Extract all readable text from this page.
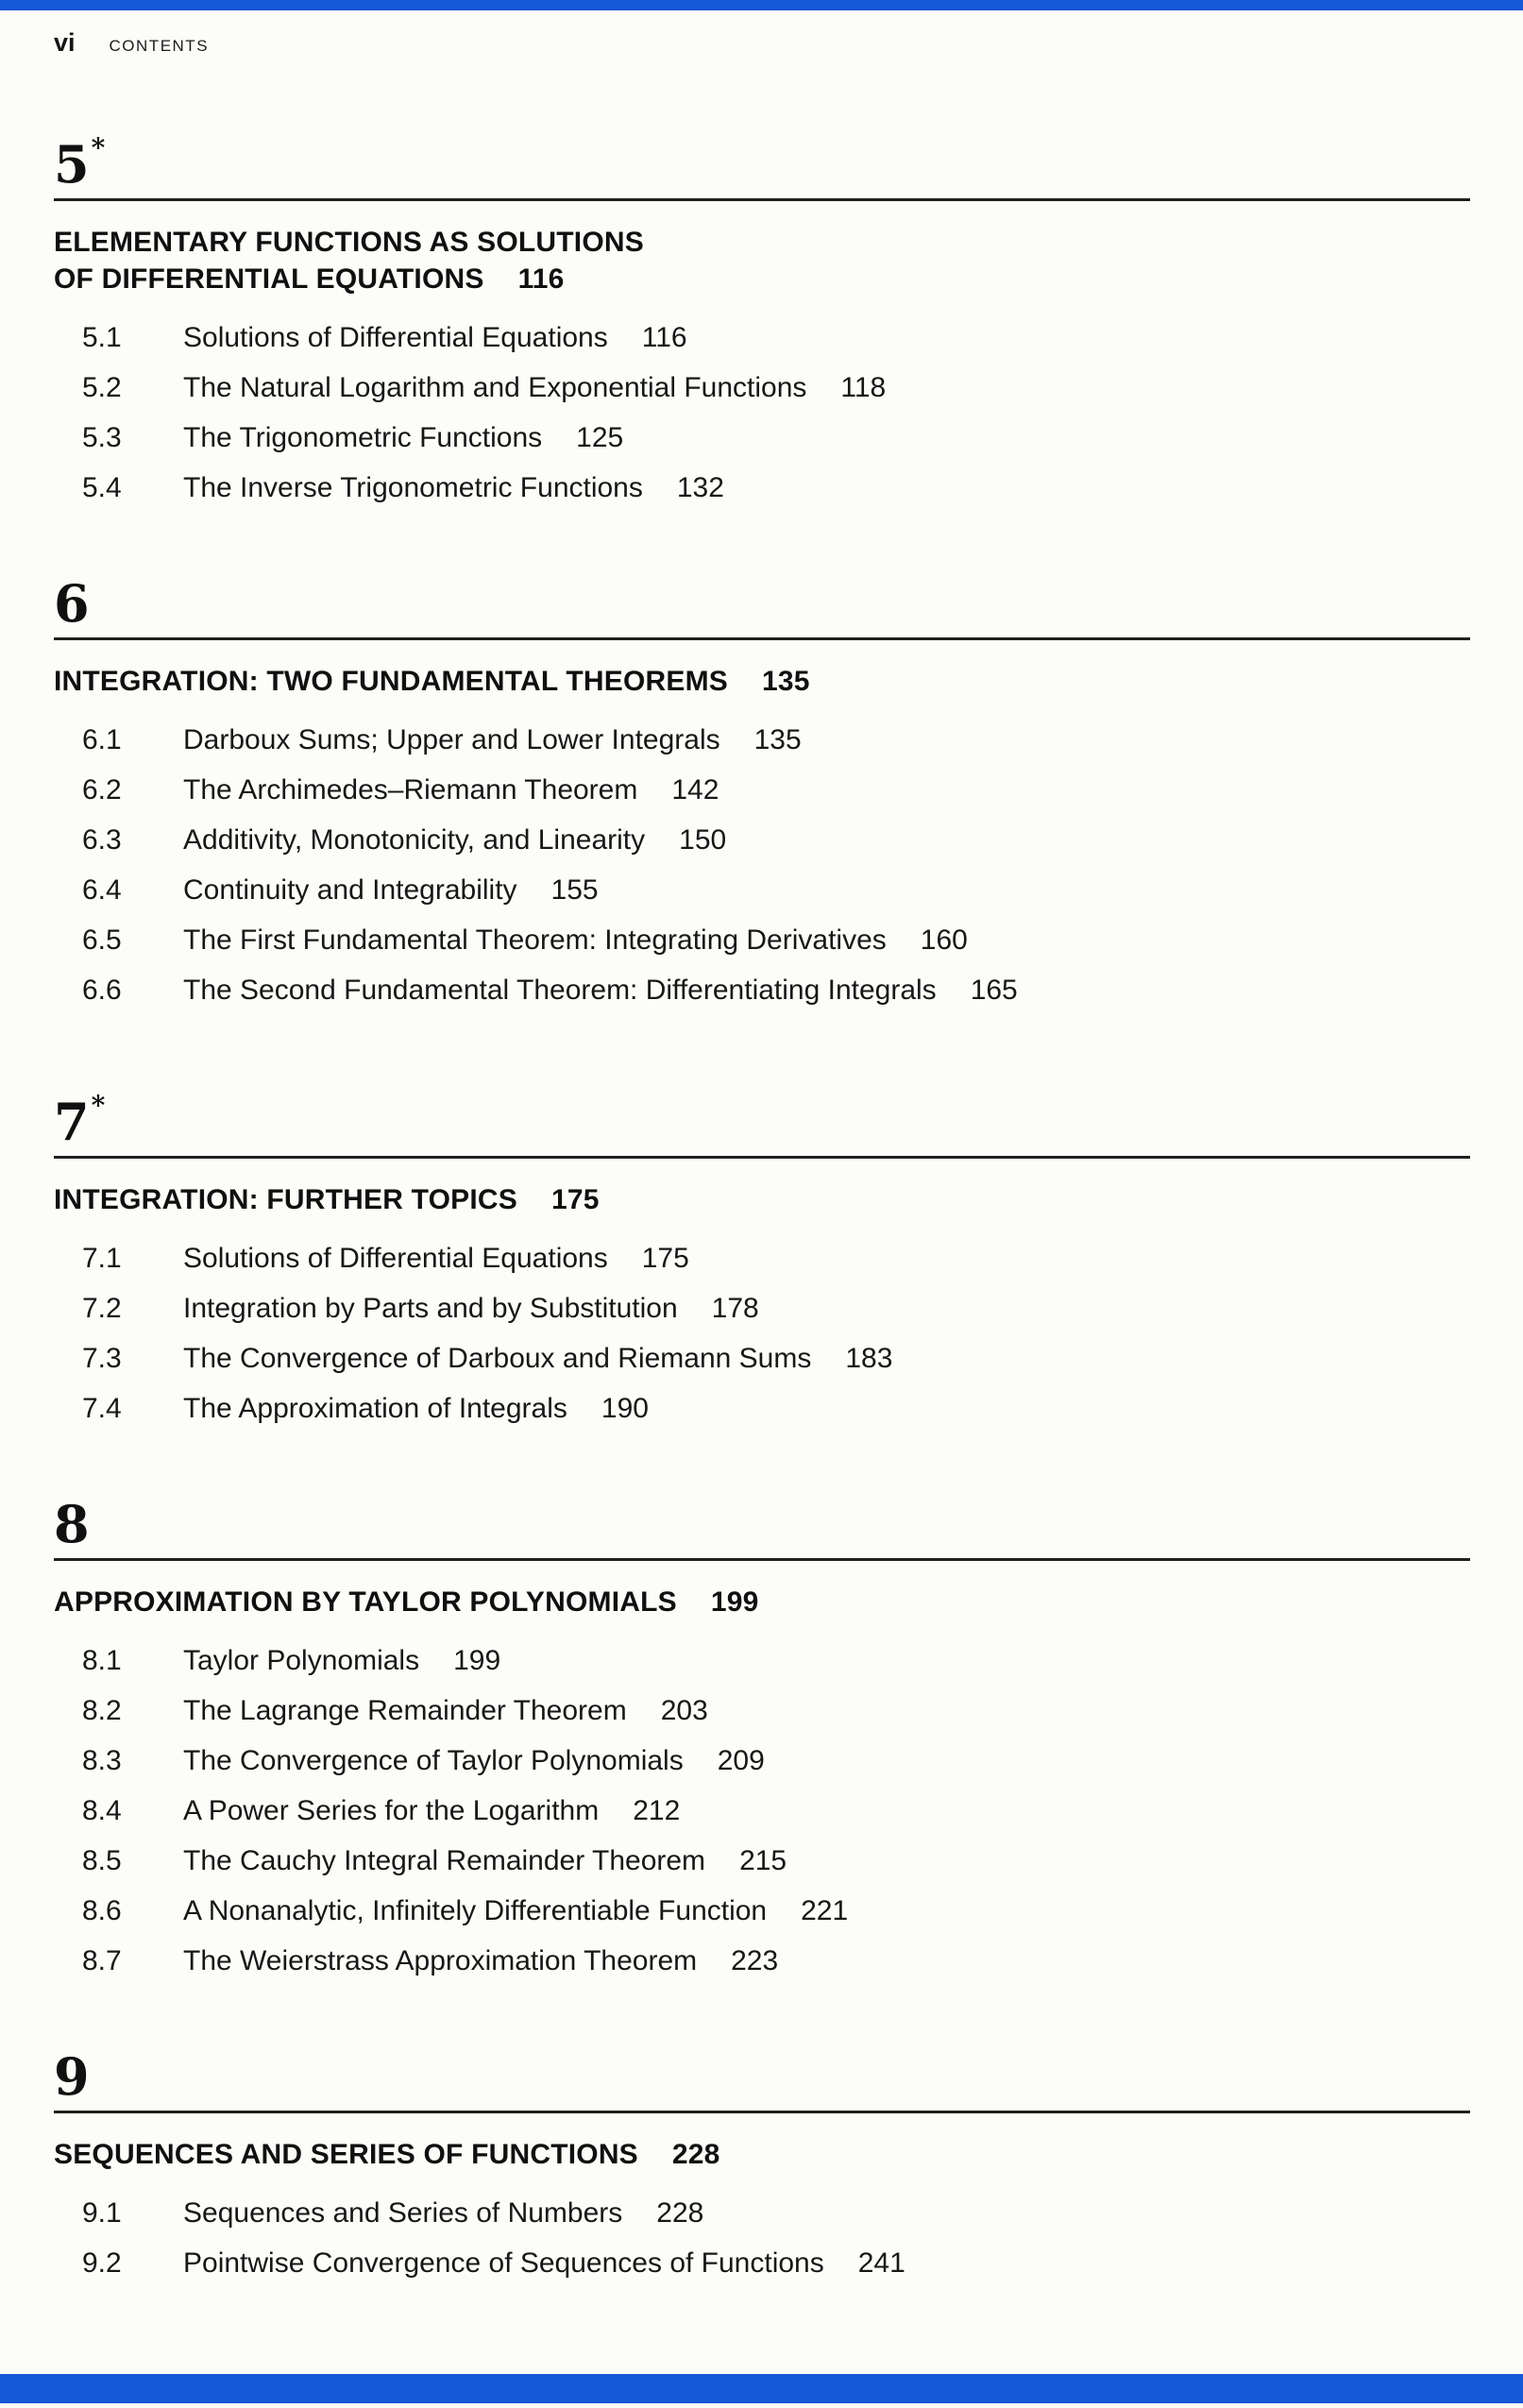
vi CONTENTS
5*
ELEMENTARY FUNCTIONS AS SOLUTIONS
OF DIFFERENTIAL EQUATIONS 116
5.1	Solutions of Differential Equations 116
5.2	The Natural Logarithm and Exponential Functions 118
5.3	The Trigonometric Functions 125
5.4	The Inverse Trigonometric Functions 132
6
INTEGRATION: TWO FUNDAMENTAL THEOREMS 135
6.1	Darboux Sums; Upper and Lower Integrals 135
6.2	The Archimedes–Riemann Theorem 142
6.3	Additivity, Monotonicity, and Linearity 150
6.4	Continuity and Integrability 155
6.5	The First Fundamental Theorem: Integrating Derivatives 160
6.6	The Second Fundamental Theorem: Differentiating Integrals 165
7*
INTEGRATION: FURTHER TOPICS 175
7.1	Solutions of Differential Equations 175
7.2	Integration by Parts and by Substitution 178
7.3	The Convergence of Darboux and Riemann Sums 183
7.4	The Approximation of Integrals 190
8
APPROXIMATION BY TAYLOR POLYNOMIALS 199
8.1	Taylor Polynomials 199
8.2	The Lagrange Remainder Theorem 203
8.3	The Convergence of Taylor Polynomials 209
8.4	A Power Series for the Logarithm 212
8.5	The Cauchy Integral Remainder Theorem 215
8.6	A Nonanalytic, Infinitely Differentiable Function 221
8.7	The Weierstrass Approximation Theorem 223
9
SEQUENCES AND SERIES OF FUNCTIONS 228
9.1	Sequences and Series of Numbers 228
9.2	Pointwise Convergence of Sequences of Functions 241
